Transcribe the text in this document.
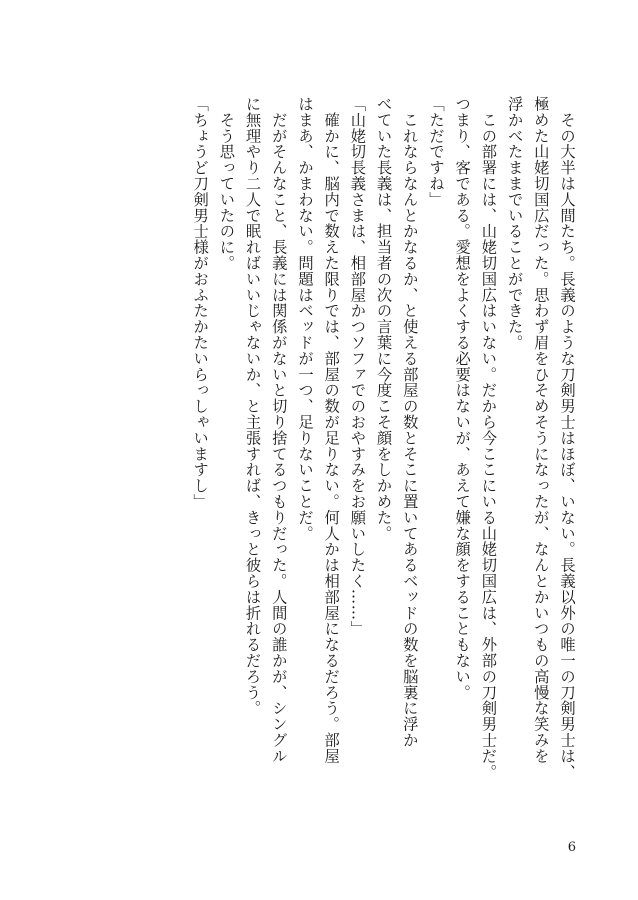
　その大半は人間たち。長義のような刀剣男士はほぼ、いない。長義以外の唯一の刀剣男士は、
極めた山姥切国広だった。思わず眉をひそめそうになったが、なんとかいつもの高慢な笑みを
浮かべたままでいることができた。
　この部署には、山姥切国広はいない。だから今ここにいる山姥切国広は、外部の刀剣男士だ。
つまり、客である。愛想をよくする必要はないが、あえて嫌な顔をすることもない。
「ただですね」
　これならなんとかなるか、と使える部屋の数とそこに置いてあるベッドの数を脳裏に浮か
べていた長義は、担当者の次の言葉に今度こそ顔をしかめた。
「山姥切長義さまは、相部屋かつソファでのおやすみをお願いしたく……」
　確かに、脳内で数えた限りでは、部屋の数が足りない。何人かは相部屋になるだろう。部屋
はまあ、かまわない。問題はベッドが一つ、足りないことだ。
　だがそんなこと、長義には関係がないと切り捨てるつもりだった。人間の誰かが、シングル
に無理やり二人で眠ればいいじゃないか、と主張すれば、きっと彼らは折れるだろう。
　そう思っていたのに。
「ちょうど刀剣男士様がおふたかたいらっしゃいますし」
6
